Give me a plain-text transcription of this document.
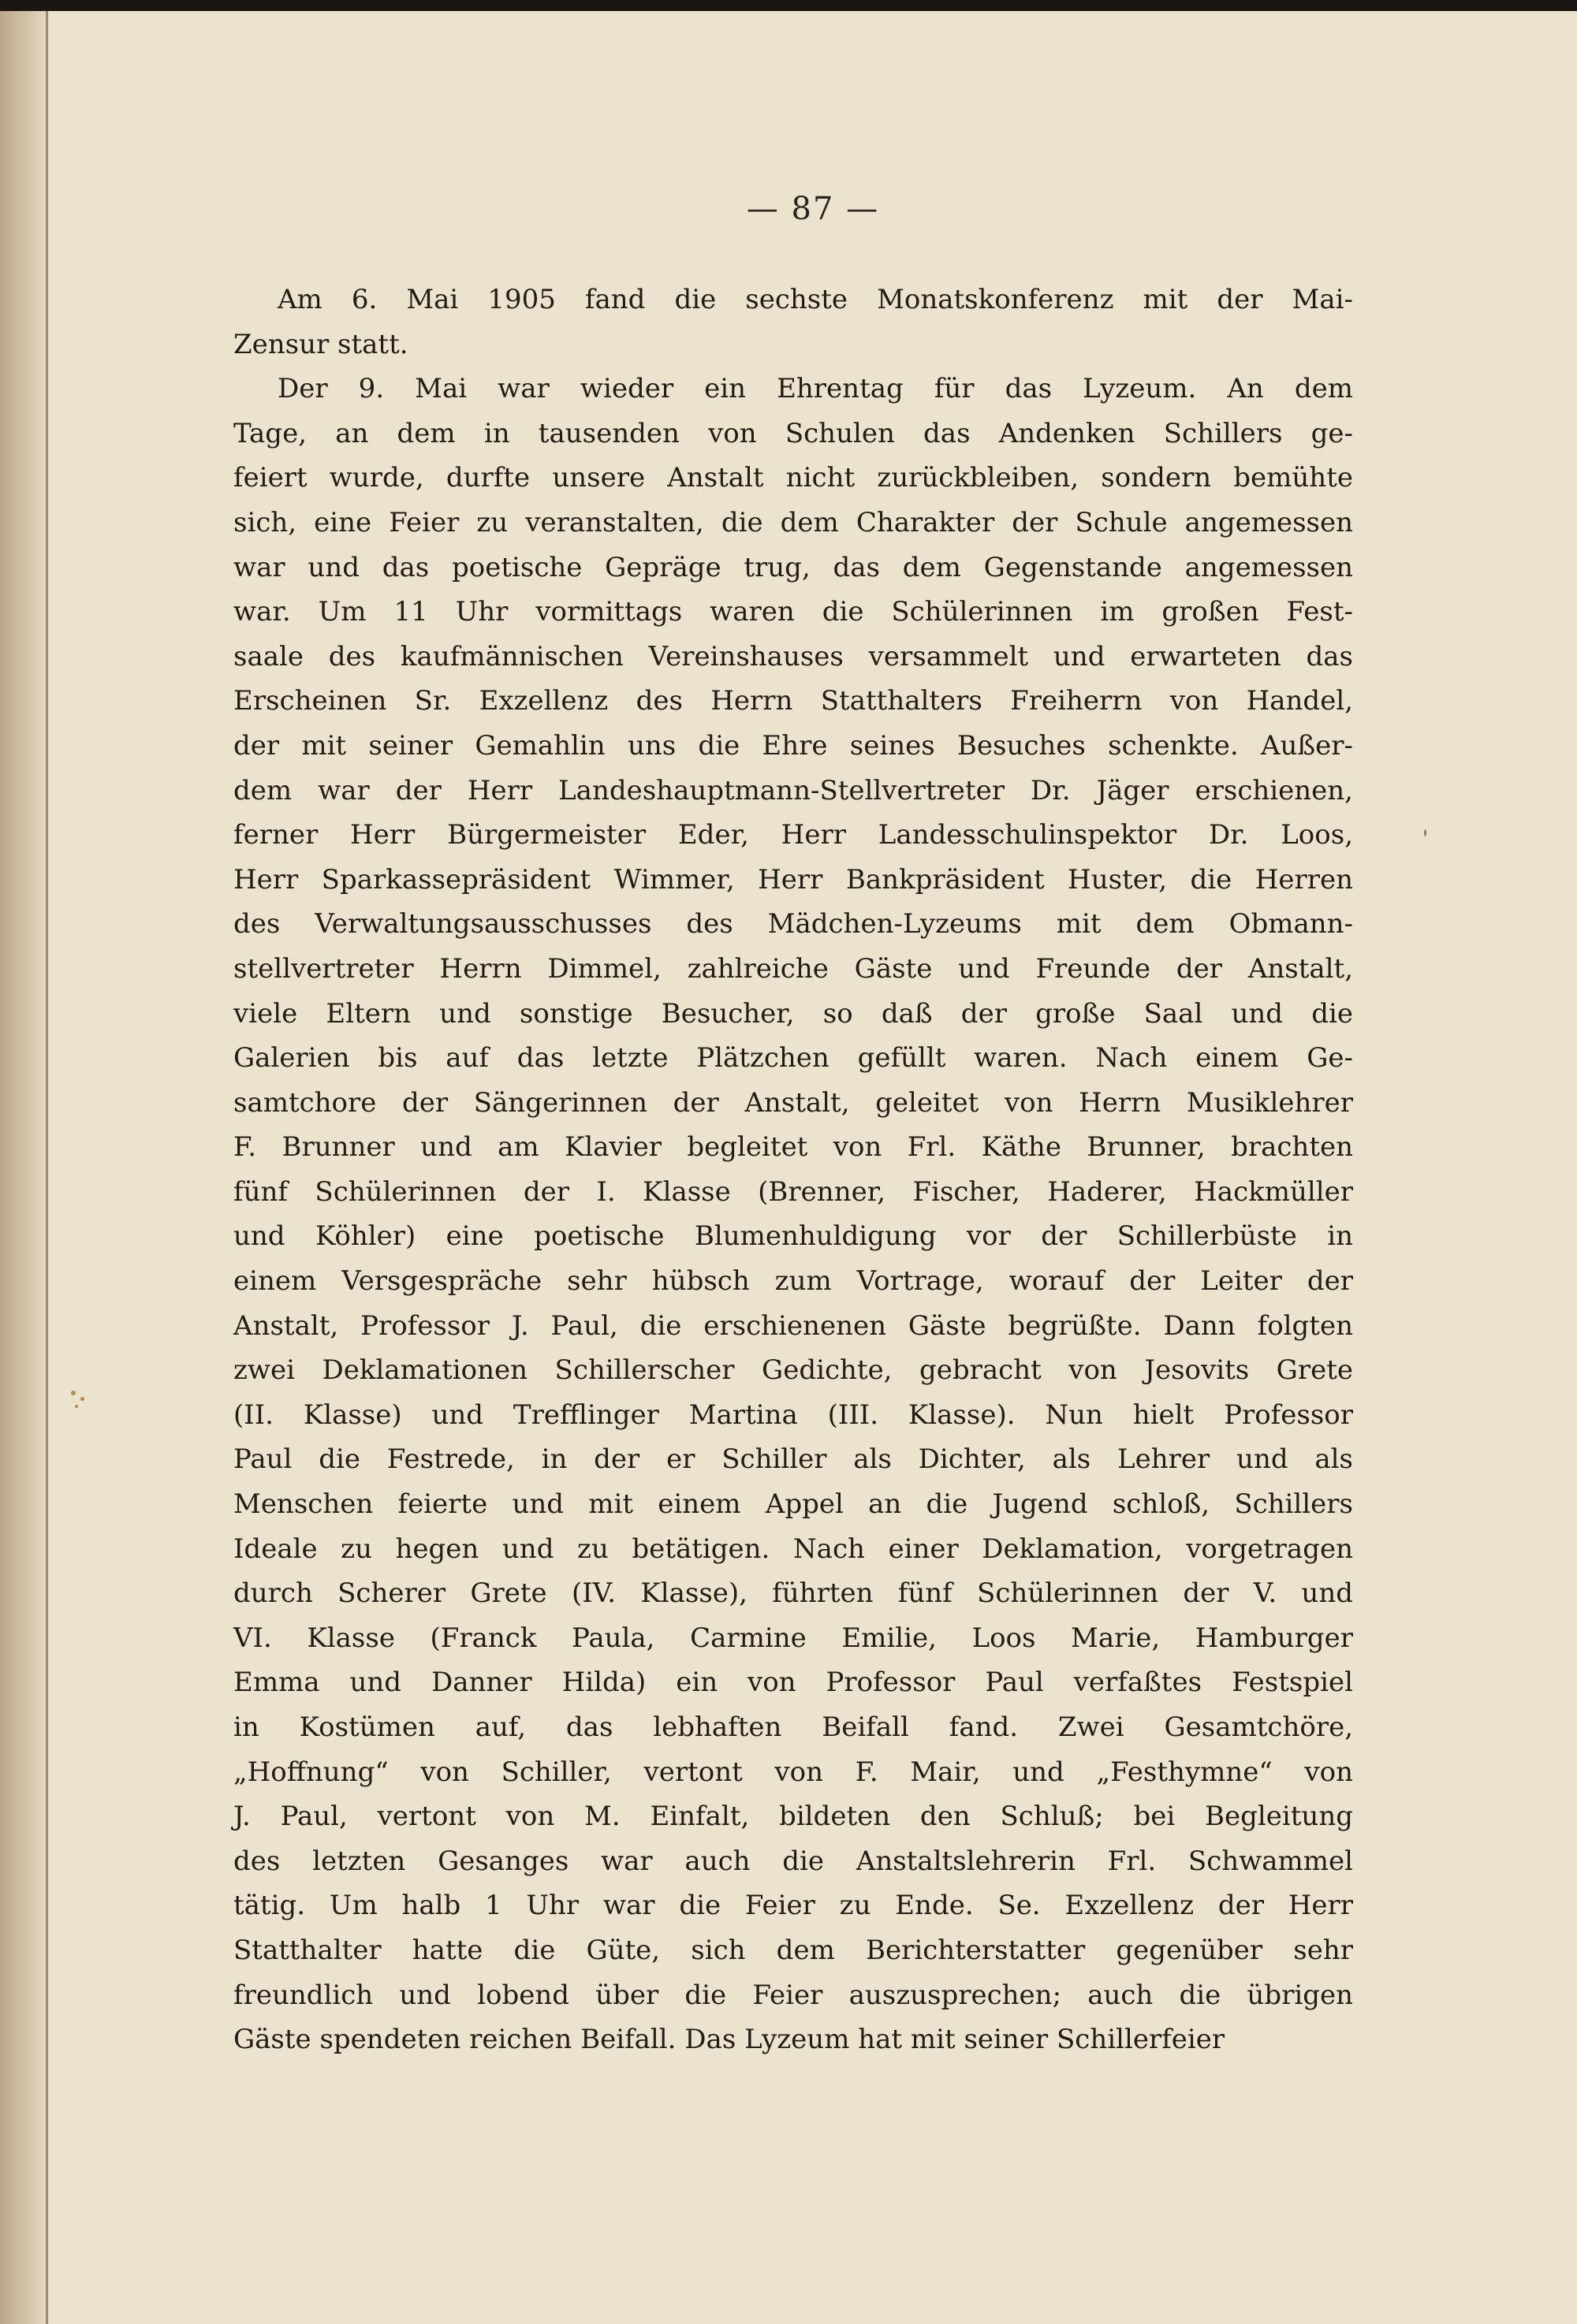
— 87 —
Am 6. Mai 1905 fand die sechste Monatskonferenz mit der Mai-
Zensur statt.
Der 9. Mai war wieder ein Ehrentag für das Lyzeum. An dem
Tage, an dem in tausenden von Schulen das Andenken Schillers ge-
feiert wurde, durfte unsere Anstalt nicht zurückbleiben, sondern bemühte
sich, eine Feier zu veranstalten, die dem Charakter der Schule angemessen
war und das poetische Gepräge trug, das dem Gegenstande angemessen
war. Um 11 Uhr vormittags waren die Schülerinnen im großen Fest-
saale des kaufmännischen Vereinshauses versammelt und erwarteten das
Erscheinen Sr. Exzellenz des Herrn Statthalters Freiherrn von Handel,
der mit seiner Gemahlin uns die Ehre seines Besuches schenkte. Außer-
dem war der Herr Landeshauptmann-Stellvertreter Dr. Jäger erschienen,
ferner Herr Bürgermeister Eder, Herr Landesschulinspektor Dr. Loos,
Herr Sparkassepräsident Wimmer, Herr Bankpräsident Huster, die Herren
des Verwaltungsausschusses des Mädchen-Lyzeums mit dem Obmann-
stellvertreter Herrn Dimmel, zahlreiche Gäste und Freunde der Anstalt,
viele Eltern und sonstige Besucher, so daß der große Saal und die
Galerien bis auf das letzte Plätzchen gefüllt waren. Nach einem Ge-
samtchore der Sängerinnen der Anstalt, geleitet von Herrn Musiklehrer
F. Brunner und am Klavier begleitet von Frl. Käthe Brunner, brachten
fünf Schülerinnen der I. Klasse (Brenner, Fischer, Haderer, Hackmüller
und Köhler) eine poetische Blumenhuldigung vor der Schillerbüste in
einem Versgespräche sehr hübsch zum Vortrage, worauf der Leiter der
Anstalt, Professor J. Paul, die erschienenen Gäste begrüßte. Dann folgten
zwei Deklamationen Schillerscher Gedichte, gebracht von Jesovits Grete
(II. Klasse) und Trefflinger Martina (III. Klasse). Nun hielt Professor
Paul die Festrede, in der er Schiller als Dichter, als Lehrer und als
Menschen feierte und mit einem Appel an die Jugend schloß, Schillers
Ideale zu hegen und zu betätigen. Nach einer Deklamation, vorgetragen
durch Scherer Grete (IV. Klasse), führten fünf Schülerinnen der V. und
VI. Klasse (Franck Paula, Carmine Emilie, Loos Marie, Hamburger
Emma und Danner Hilda) ein von Professor Paul verfaßtes Festspiel
in Kostümen auf, das lebhaften Beifall fand. Zwei Gesamtchöre,
„Hoffnung“ von Schiller, vertont von F. Mair, und „Festhymne“ von
J. Paul, vertont von M. Einfalt, bildeten den Schluß; bei Begleitung
des letzten Gesanges war auch die Anstaltslehrerin Frl. Schwammel
tätig. Um halb 1 Uhr war die Feier zu Ende. Se. Exzellenz der Herr
Statthalter hatte die Güte, sich dem Berichterstatter gegenüber sehr
freundlich und lobend über die Feier auszusprechen; auch die übrigen
Gäste spendeten reichen Beifall. Das Lyzeum hat mit seiner Schillerfeier
